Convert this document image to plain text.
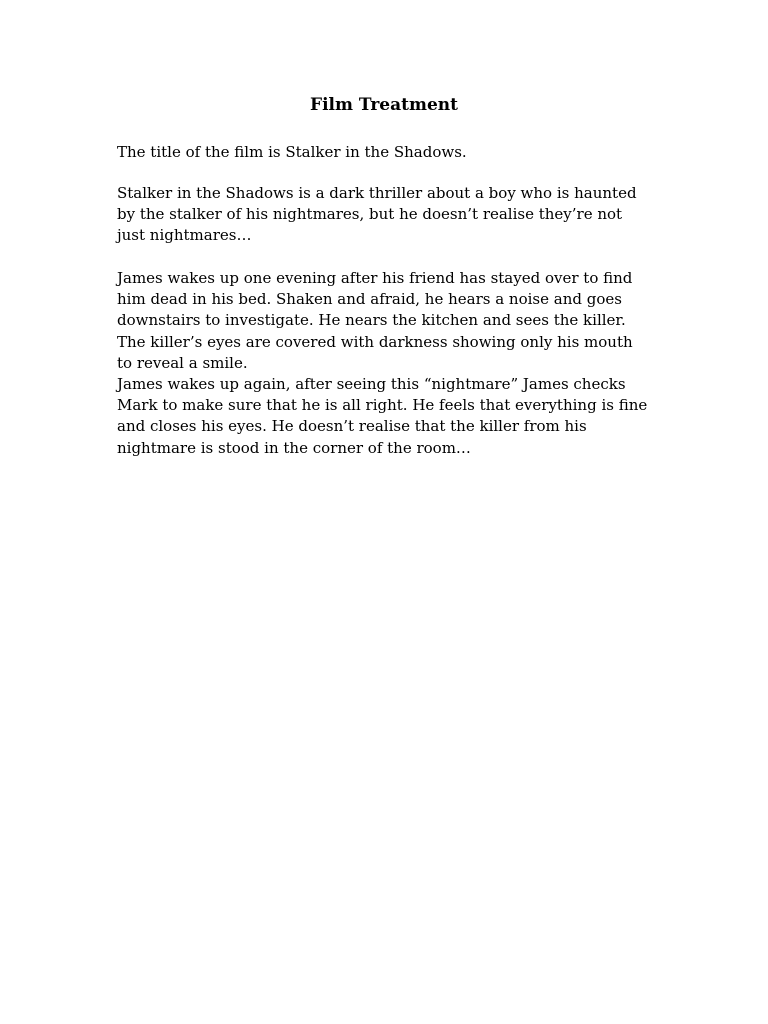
Film Treatment

The title of the film is Stalker in the Shadows.

Stalker in the Shadows is a dark thriller about a boy who is haunted
by the stalker of his nightmares, but he doesn’t realise they’re not
just nightmares…

James wakes up one evening after his friend has stayed over to find
him dead in his bed. Shaken and afraid, he hears a noise and goes
downstairs to investigate. He nears the kitchen and sees the killer.
The killer’s eyes are covered with darkness showing only his mouth
to reveal a smile.
James wakes up again, after seeing this “nightmare” James checks
Mark to make sure that he is all right. He feels that everything is fine
and closes his eyes. He doesn’t realise that the killer from his
nightmare is stood in the corner of the room…
